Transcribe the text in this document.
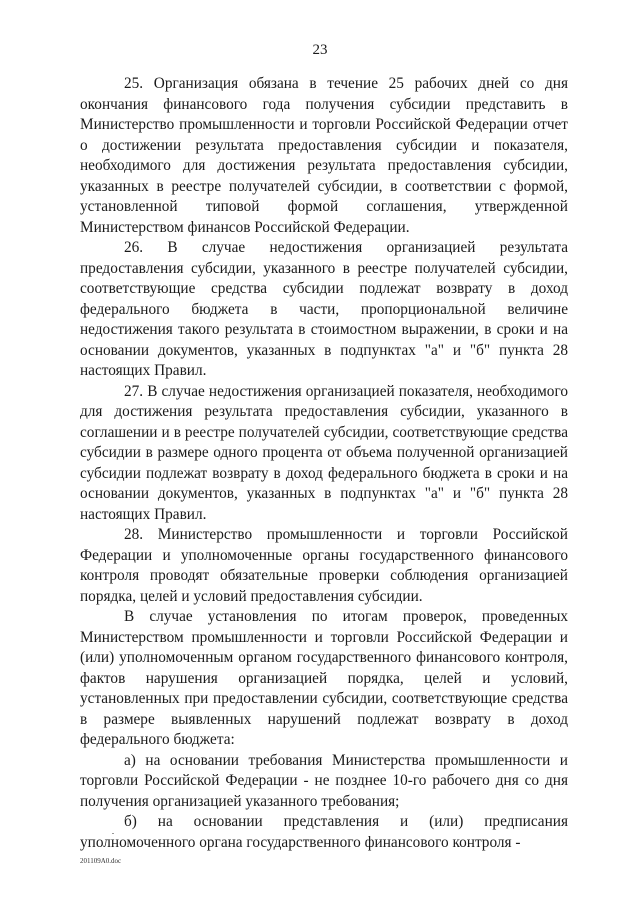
23

25. Организация обязана в течение 25 рабочих дней со дня окончания финансового года получения субсидии представить в Министерство промышленности и торговли Российской Федерации отчет о достижении результата предоставления субсидии и показателя, необходимого для достижения результата предоставления субсидии, указанных в реестре получателей субсидии, в соответствии с формой, установленной типовой формой соглашения, утвержденной Министерством финансов Российской Федерации.

26. В случае недостижения организацией результата предоставления субсидии, указанного в реестре получателей субсидии, соответствующие средства субсидии подлежат возврату в доход федерального бюджета в части, пропорциональной величине недостижения такого результата в стоимостном выражении, в сроки и на основании документов, указанных в подпунктах "а" и "б" пункта 28 настоящих Правил.

27. В случае недостижения организацией показателя, необходимого для достижения результата предоставления субсидии, указанного в соглашении и в реестре получателей субсидии, соответствующие средства субсидии в размере одного процента от объема полученной организацией субсидии подлежат возврату в доход федерального бюджета в сроки и на основании документов, указанных в подпунктах "а" и "б" пункта 28 настоящих Правил.

28. Министерство промышленности и торговли Российской Федерации и уполномоченные органы государственного финансового контроля проводят обязательные проверки соблюдения организацией порядка, целей и условий предоставления субсидии.

В случае установления по итогам проверок, проведенных Министерством промышленности и торговли Российской Федерации и (или) уполномоченным органом государственного финансового контроля, фактов нарушения организацией порядка, целей и условий, установленных при предоставлении субсидии, соответствующие средства в размере выявленных нарушений подлежат возврату в доход федерального бюджета:

а) на основании требования Министерства промышленности и торговли Российской Федерации - не позднее 10-го рабочего дня со дня получения организацией указанного требования;

б) на основании представления и (или) предписания уполномоченного органа государственного финансового контроля -

201109A0.doc
